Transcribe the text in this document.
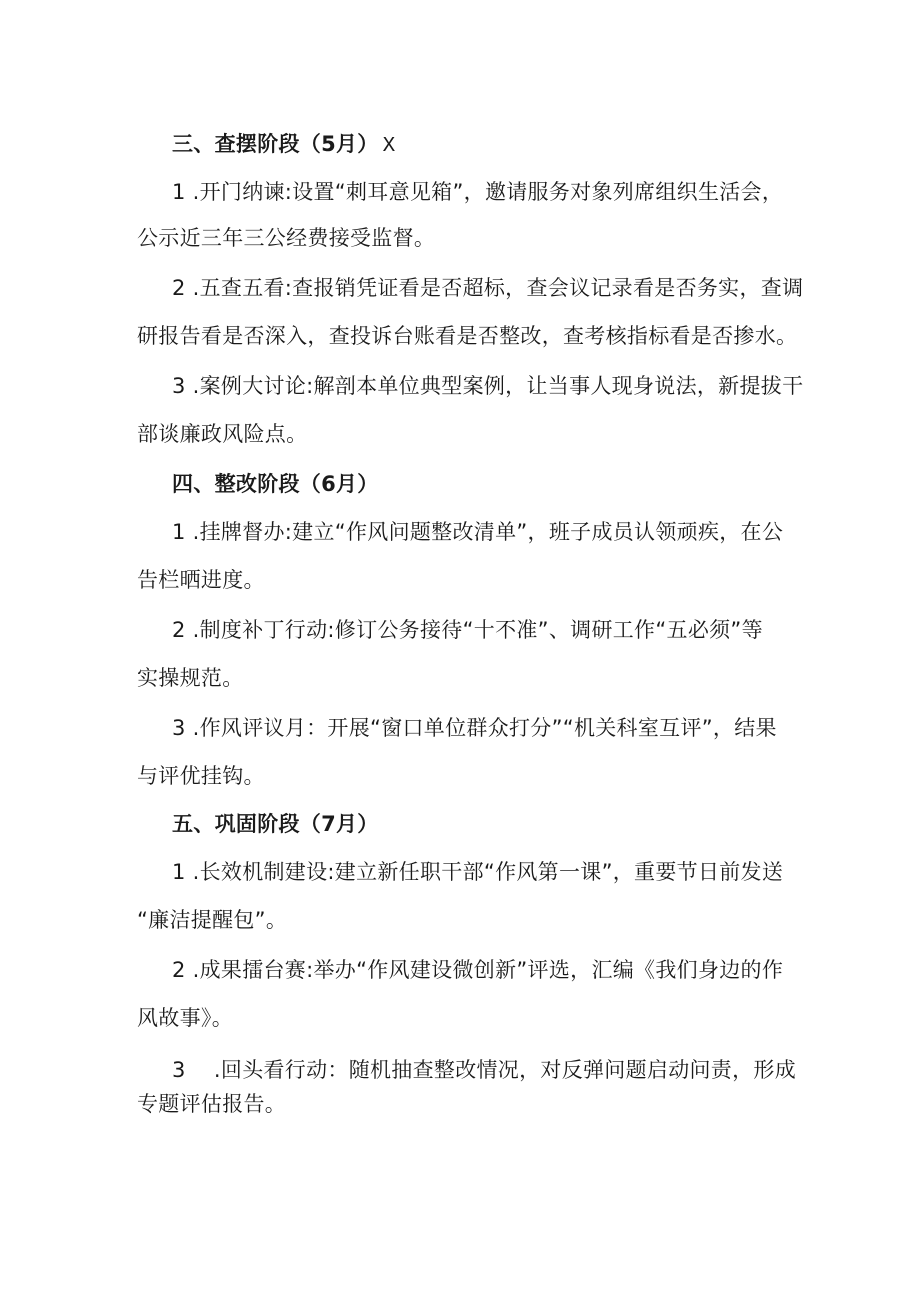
三、查摆阶段（5月） X

1 .开门纳谏:设置“刺耳意见箱”，邀请服务对象列席组织生活会，

公示近三年三公经费接受监督。

2 .五查五看:查报销凭证看是否超标，查会议记录看是否务实，查调

研报告看是否深入，查投诉台账看是否整改，查考核指标看是否掺水。

3 .案例大讨论:解剖本单位典型案例，让当事人现身说法，新提拔干

部谈廉政风险点。

四、整改阶段（6月）

1 .挂牌督办:建立“作风问题整改清单”，班子成员认领顽疾，在公

告栏晒进度。

2 .制度补丁行动:修订公务接待“十不准”、调研工作“五必须”等

实操规范。

3 .作风评议月：开展“窗口单位群众打分”“机关科室互评”，结果

与评优挂钩。

五、巩固阶段（7月）

1 .长效机制建设:建立新任职干部“作风第一课”，重要节日前发送

“廉洁提醒包”。

2 .成果擂台赛:举办“作风建设微创新”评选，汇编《我们身边的作

风故事》。

3　 .回头看行动：随机抽查整改情况，对反弹问题启动问责，形成

专题评估报告。
